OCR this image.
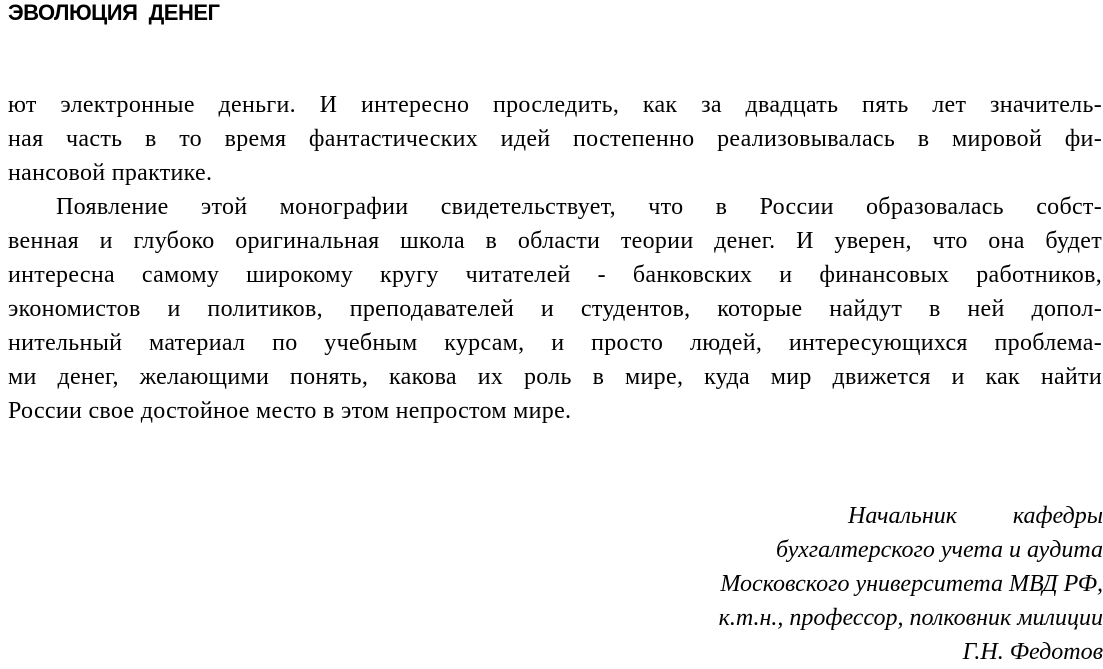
ЭВОЛЮЦИЯ  ДЕНЕГ
ют электронные деньги. И интересно проследить, как за двадцать пять лет значитель-
ная часть в то время фантастических идей постепенно реализовывалась в мировой фи-
нансовой практике.
Появление этой монографии свидетельствует, что в России образовалась собст-
венная и глубоко оригинальная школа в области теории денег. И уверен, что она будет
интересна самому широкому кругу читателей - банковских и финансовых работников,
экономистов и политиков, преподавателей и студентов, которые найдут в ней допол-
нительный материал по учебным курсам, и просто людей, интересующихся проблема-
ми денег, желающими понять, какова их роль в мире, куда мир движется и как найти
России свое достойное место в этом непростом мире.
Начальник кафедры
бухгалтерского учета и аудита
Московского университета МВД РФ,
к.т.н., профессор, полковник милиции
Г.Н. Федотов
